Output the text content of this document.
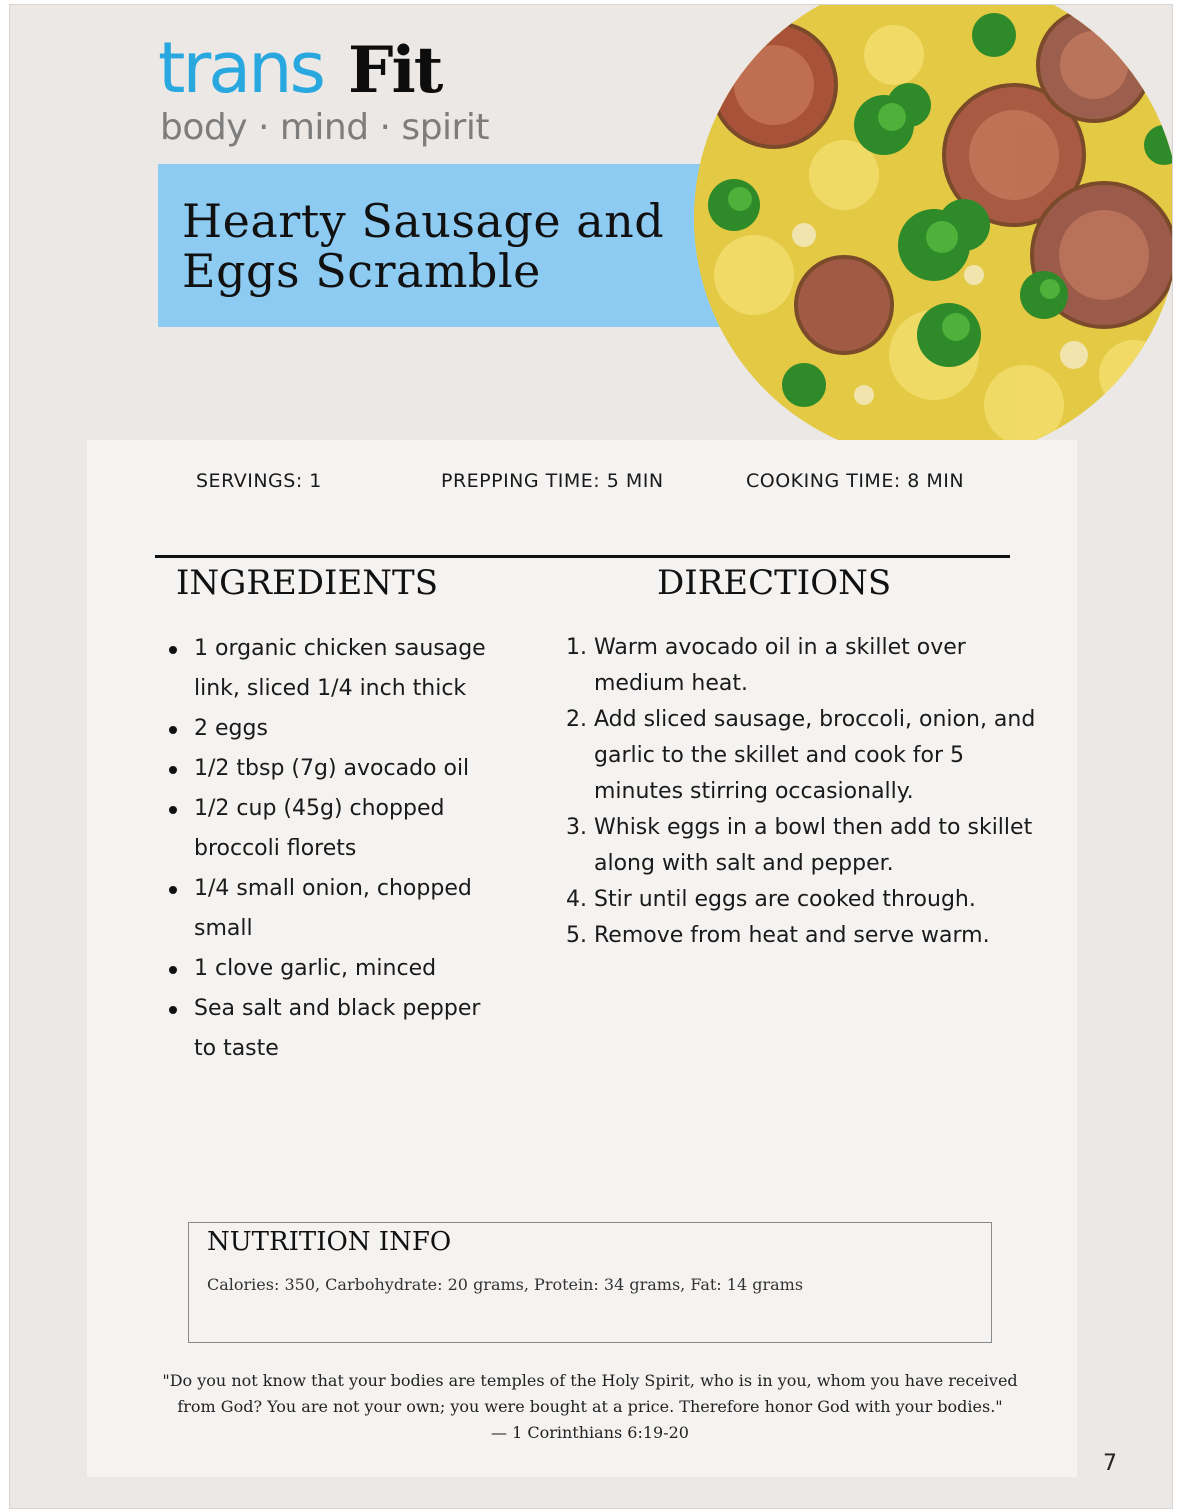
trans Fit
body · mind · spirit
Hearty Sausage and
Eggs Scramble
SERVINGS: 1	PREPPING TIME: 5 MIN	COOKING TIME: 8 MIN
INGREDIENTS	DIRECTIONS
1 organic chicken sausage link, sliced 1/4 inch thick
2 eggs
1/2 tbsp (7g) avocado oil
1/2 cup (45g) chopped broccoli florets
1/4 small onion, chopped small
1 clove garlic, minced
Sea salt and black pepper to taste
1. Warm avocado oil in a skillet over medium heat.
2. Add sliced sausage, broccoli, onion, and garlic to the skillet and cook for 5 minutes stirring occasionally.
3. Whisk eggs in a bowl then add to skillet along with salt and pepper.
4. Stir until eggs are cooked through.
5. Remove from heat and serve warm.
NUTRITION INFO
Calories: 350, Carbohydrate: 20 grams, Protein: 34 grams, Fat: 14 grams
"Do you not know that your bodies are temples of the Holy Spirit, who is in you, whom you have received
from God? You are not your own; you were bought at a price. Therefore honor God with your bodies."
— 1 Corinthians 6:19-20
7
